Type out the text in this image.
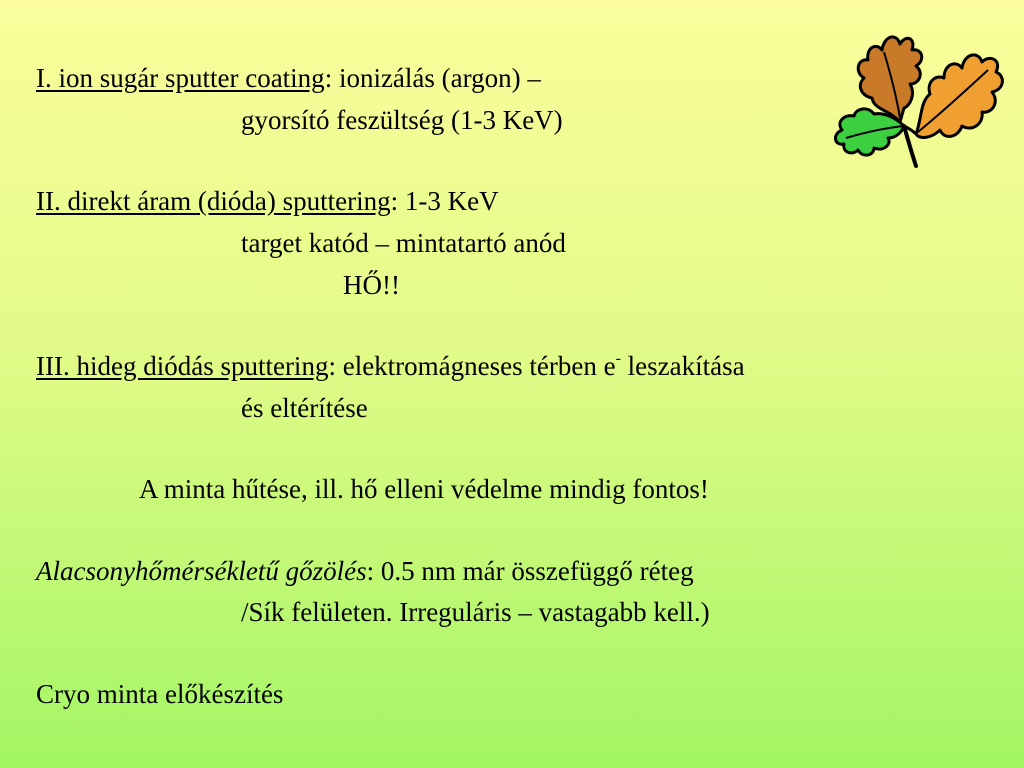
I. ion sugár sputter coating: ionizálás (argon) –
gyorsító feszültség (1-3 KeV)
II. direkt áram (dióda) sputtering: 1-3 KeV
target katód – mintatartó anód
HŐ!!
III. hideg diódás sputtering: elektromágneses térben e- leszakítása
és eltérítése
A minta hűtése, ill. hő elleni védelme mindig fontos!
Alacsonyhőmérsékletű gőzölés: 0.5 nm már összefüggő réteg
/Sík felületen. Irreguláris – vastagabb kell.)
Cryo minta előkészítés
